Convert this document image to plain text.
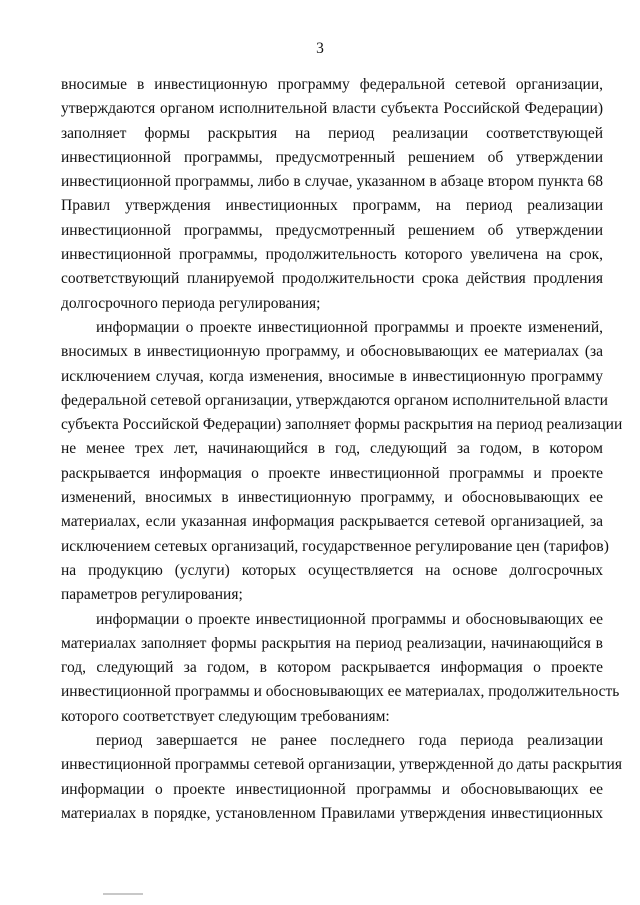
3
вносимые в инвестиционную программу федеральной сетевой организации,
утверждаются органом исполнительной власти субъекта Российской Федерации)
заполняет формы раскрытия на период реализации соответствующей
инвестиционной программы, предусмотренный решением об утверждении
инвестиционной программы, либо в случае, указанном в абзаце втором пункта 68
Правил утверждения инвестиционных программ, на период реализации
инвестиционной программы, предусмотренный решением об утверждении
инвестиционной программы, продолжительность которого увеличена на срок,
соответствующий планируемой продолжительности срока действия продления
долгосрочного периода регулирования;
информации о проекте инвестиционной программы и проекте изменений,
вносимых в инвестиционную программу, и обосновывающих ее материалах (за
исключением случая, когда изменения, вносимые в инвестиционную программу
федеральной сетевой организации, утверждаются органом исполнительной власти
субъекта Российской Федерации) заполняет формы раскрытия на период реализации
не менее трех лет, начинающийся в год, следующий за годом, в котором
раскрывается информация о проекте инвестиционной программы и проекте
изменений, вносимых в инвестиционную программу, и обосновывающих ее
материалах, если указанная информация раскрывается сетевой организацией, за
исключением сетевых организаций, государственное регулирование цен (тарифов)
на продукцию (услуги) которых осуществляется на основе долгосрочных
параметров регулирования;
информации о проекте инвестиционной программы и обосновывающих ее
материалах заполняет формы раскрытия на период реализации, начинающийся в
год, следующий за годом, в котором раскрывается информация о проекте
инвестиционной программы и обосновывающих ее материалах, продолжительность
которого соответствует следующим требованиям:
период завершается не ранее последнего года периода реализации
инвестиционной программы сетевой организации, утвержденной до даты раскрытия
информации о проекте инвестиционной программы и обосновывающих ее
материалах в порядке, установленном Правилами утверждения инвестиционных
